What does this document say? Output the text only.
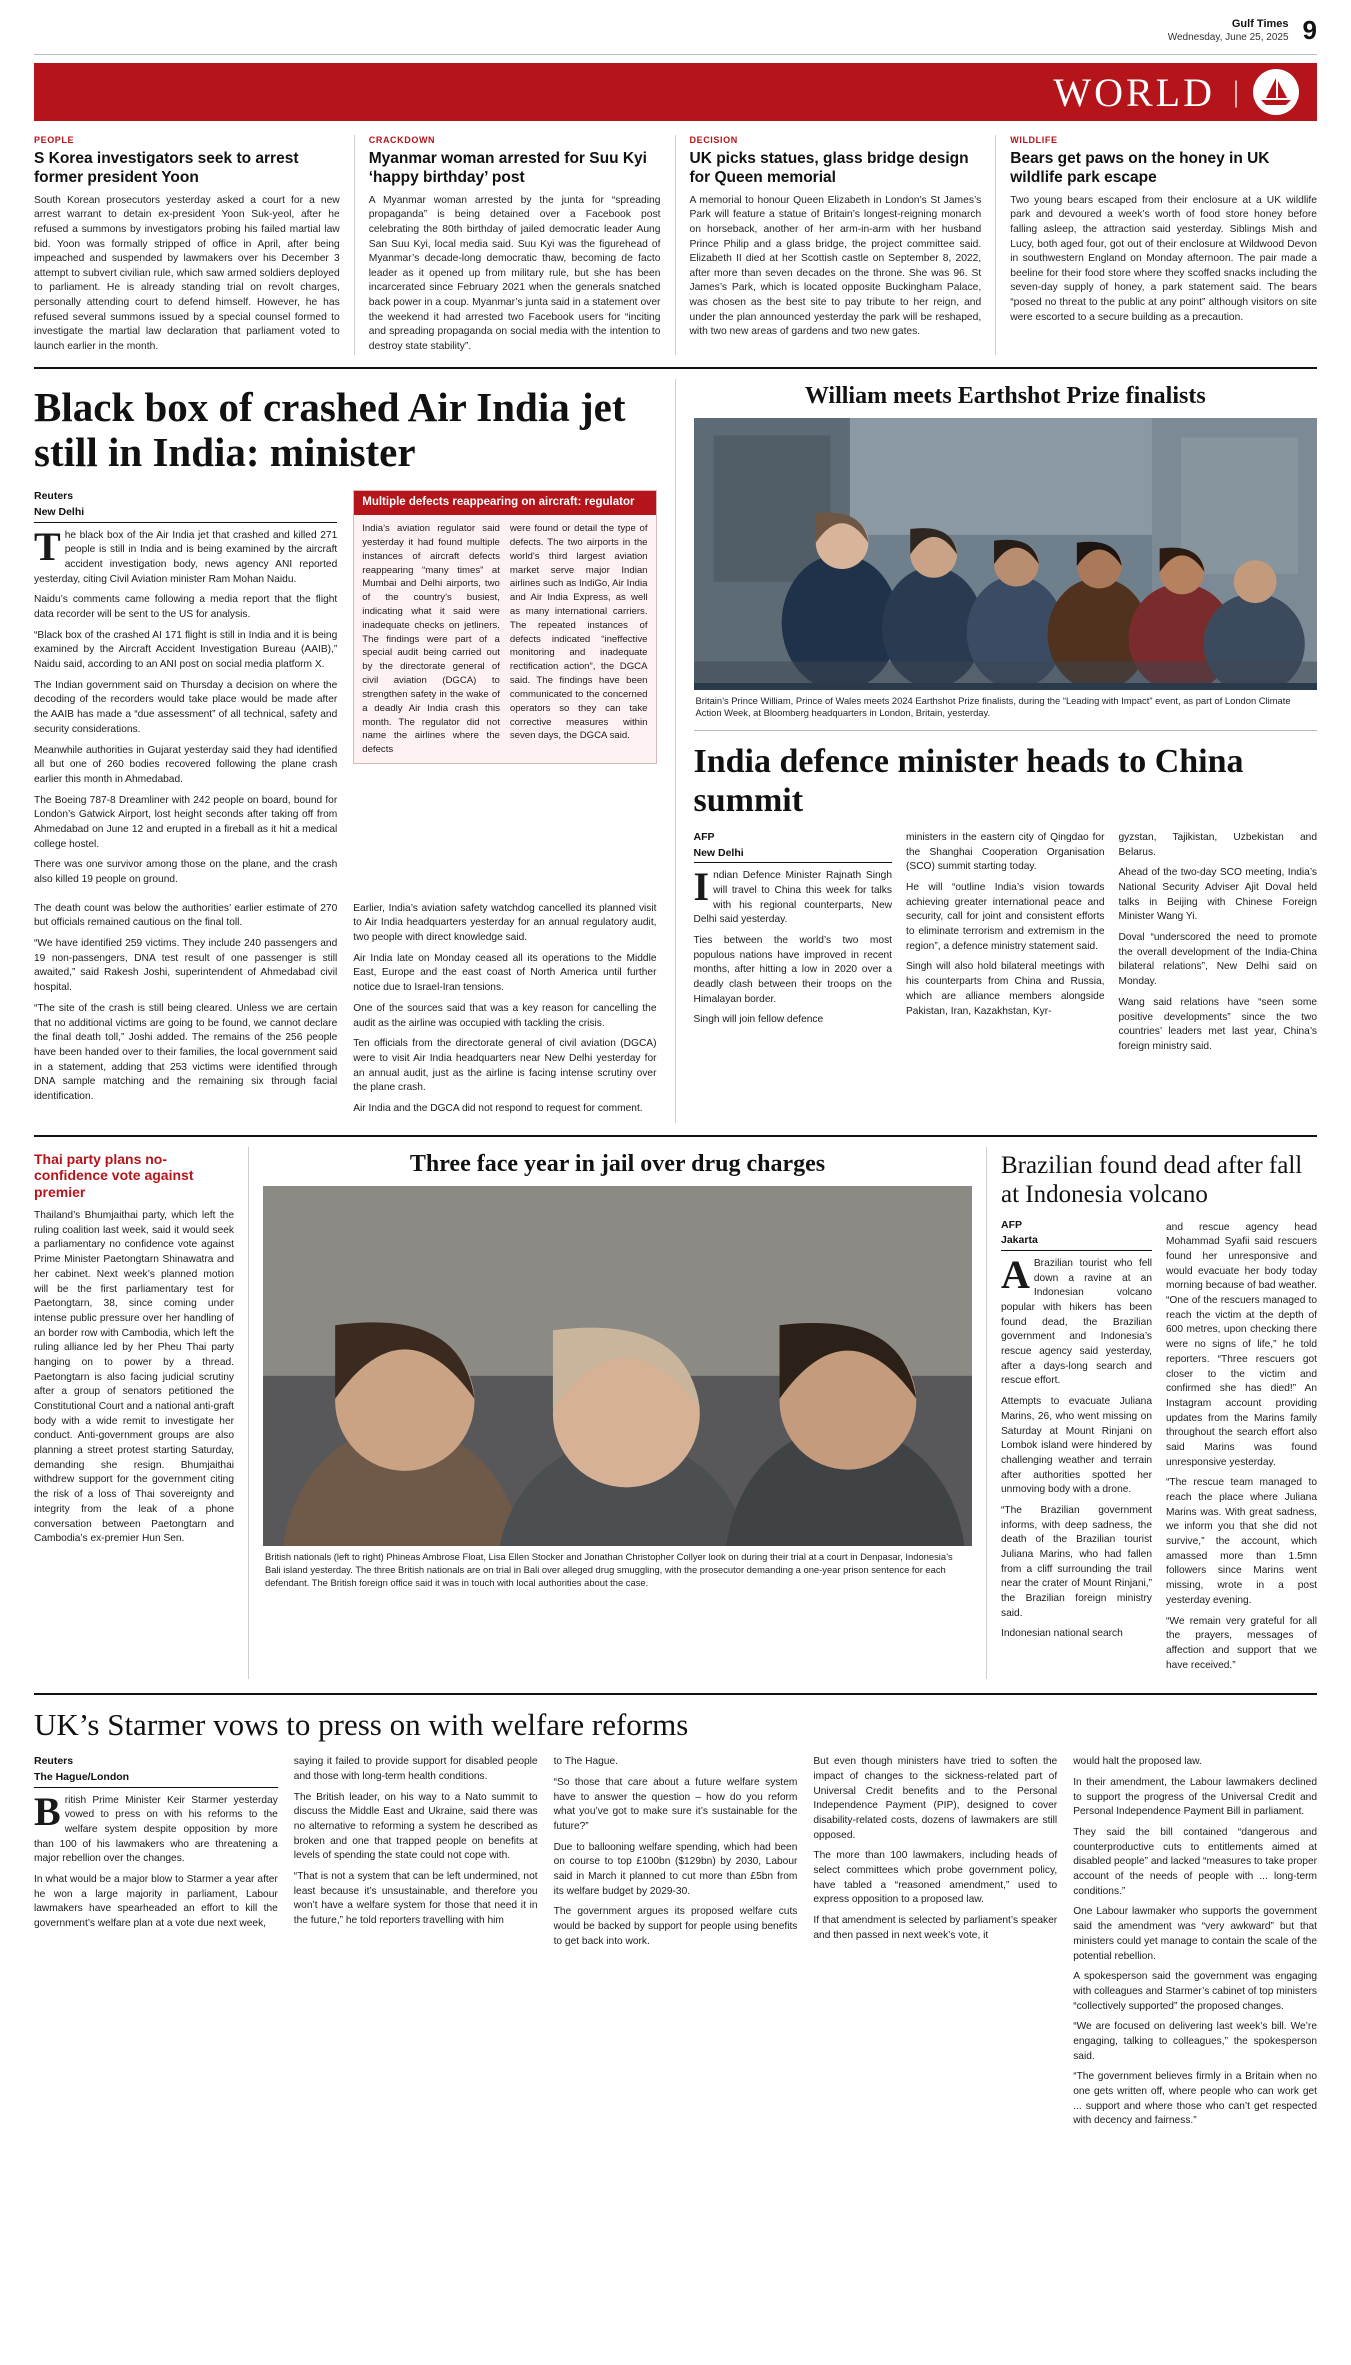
Gulf Times
Wednesday, June 25, 2025 9
WORLD |
PEOPLE
S Korea investigators seek to arrest former president Yoon

South Korean prosecutors yesterday asked a court for a new arrest warrant to detain ex-president Yoon Suk-yeol, after he refused a summons by investigators probing his failed martial law bid. Yoon was formally stripped of office in April, after being impeached and suspended by lawmakers over his December 3 attempt to subvert civilian rule, which saw armed soldiers deployed to parliament. He is already standing trial on revolt charges, personally attending court to defend himself. However, he has refused several summons issued by a special counsel formed to investigate the martial law declaration that parliament voted to launch earlier in the month.

CRACKDOWN
Myanmar woman arrested for Suu Kyi ‘happy birthday’ post

A Myanmar woman arrested by the junta for “spreading propaganda” is being detained over a Facebook post celebrating the 80th birthday of jailed democratic leader Aung San Suu Kyi, local media said. Suu Kyi was the figurehead of Myanmar’s decade-long democratic thaw, becoming de facto leader as it opened up from military rule, but she has been incarcerated since February 2021 when the generals snatched back power in a coup. Myanmar’s junta said in a statement over the weekend it had arrested two Facebook users for “inciting and spreading propaganda on social media with the intention to destroy state stability”.

DECISION
UK picks statues, glass bridge design for Queen memorial

A memorial to honour Queen Elizabeth in London’s St James’s Park will feature a statue of Britain’s longest-reigning monarch on horseback, another of her arm-in-arm with her husband Prince Philip and a glass bridge, the project committee said. Elizabeth II died at her Scottish castle on September 8, 2022, after more than seven decades on the throne. She was 96. St James’s Park, which is located opposite Buckingham Palace, was chosen as the best site to pay tribute to her reign, and under the plan announced yesterday the park will be reshaped, with two new areas of gardens and two new gates.

WILDLIFE
Bears get paws on the honey in UK wildlife park escape

Two young bears escaped from their enclosure at a UK wildlife park and devoured a week’s worth of food store honey before falling asleep, the attraction said yesterday. Siblings Mish and Lucy, both aged four, got out of their enclosure at Wildwood Devon in southwestern England on Monday afternoon. The pair made a beeline for their food store where they scoffed snacks including the seven-day supply of honey, a park statement said. The bears “posed no threat to the public at any point” although visitors on site were escorted to a secure building as a precaution.

Black box of crashed Air India jet still in India: minister
Reuters
New Delhi

The black box of the Air India jet that crashed and killed 271 people is still in India and is being examined by the aircraft accident investigation body, news agency ANI reported yesterday, citing Civil Aviation minister Ram Mohan Naidu.

Naidu’s comments came following a media report that the flight data recorder will be sent to the US for analysis.

“Black box of the crashed AI 171 flight is still in India and it is being examined by the Aircraft Accident Investigation Bureau (AAIB),” Naidu said, according to an ANI post on social media platform X.

The Indian government said on Thursday a decision on where the decoding of the recorders would take place would be made after the AAIB has made a “due assessment” of all technical, safety and security considerations.

Meanwhile authorities in Gujarat yesterday said they had identified all but one of 260 bodies recovered following the plane crash earlier this month in Ahmedabad.

The Boeing 787-8 Dreamliner with 242 people on board, bound for London’s Gatwick Airport, lost height seconds after taking off from Ahmedabad on June 12 and erupted in a fireball as it hit a medical college hostel.

There was one survivor among those on the plane, and the crash also killed 19 people on ground.

Multiple defects reappearing on aircraft: regulator
India’s aviation regulator said yesterday it had found multiple instances of aircraft defects reappearing “many times” at Mumbai and Delhi airports, two of the country’s busiest, indicating what it said were inadequate checks on jetliners. The findings were part of a special audit being carried out by the directorate general of civil aviation (DGCA) to strengthen safety in the wake of a deadly Air India crash this month. The regulator did not name the airlines where the defects
were found or detail the type of defects. The two airports in the world’s third largest aviation market serve major Indian airlines such as IndiGo, Air India and Air India Express, as well as many international carriers. The repeated instances of defects indicated “ineffective monitoring and inadequate rectification action”, the DGCA said. The findings have been communicated to the concerned operators so they can take corrective measures within seven days, the DGCA said.

The death count was below the authorities’ earlier estimate of 270 but officials remained cautious on the final toll.

“We have identified 259 victims. They include 240 passengers and 19 non-passengers, DNA test result of one passenger is still awaited,” said Rakesh Joshi, superintendent of Ahmedabad civil hospital.

“The site of the crash is still being cleared. Unless we are certain that no additional victims are going to be found, we cannot declare the final death toll,” Joshi added. The remains of the 256 people have been handed over to their families, the local government said in a statement, adding that 253 victims were identified through DNA sample matching and the remaining six through facial identification.

Earlier, India’s aviation safety watchdog cancelled its planned visit to Air India headquarters yesterday for an annual regulatory audit, two people with direct knowledge said.

Air India late on Monday ceased all its operations to the Middle East, Europe and the east coast of North America until further notice due to Israel-Iran tensions.

One of the sources said that was a key reason for cancelling the audit as the airline was occupied with tackling the crisis.

Ten officials from the directorate general of civil aviation (DGCA) were to visit Air India headquarters near New Delhi yesterday for an annual audit, just as the airline is facing intense scrutiny over the plane crash.

Air India and the DGCA did not respond to request for comment.

William meets Earthshot Prize finalists
Britain’s Prince William, Prince of Wales meets 2024 Earthshot Prize finalists, during the “Leading with Impact” event, as part of London Climate Action Week, at Bloomberg headquarters in London, Britain, yesterday.
India defence minister heads to China summit
AFP
New Delhi

Indian Defence Minister Rajnath Singh will travel to China this week for talks with his regional counterparts, New Delhi said yesterday.

Ties between the world’s two most populous nations have improved in recent months, after hitting a low in 2020 over a deadly clash between their troops on the Himalayan border.

Singh will join fellow defence

ministers in the eastern city of Qingdao for the Shanghai Cooperation Organisation (SCO) summit starting today.

He will “outline India’s vision towards achieving greater international peace and security, call for joint and consistent efforts to eliminate terrorism and extremism in the region”, a defence ministry statement said.

Singh will also hold bilateral meetings with his counterparts from China and Russia, which are alliance members alongside Pakistan, Iran, Kazakhstan, Kyr-

gyzstan, Tajikistan, Uzbekistan and Belarus.

Ahead of the two-day SCO meeting, India’s National Security Adviser Ajit Doval held talks in Beijing with Chinese Foreign Minister Wang Yi.

Doval “underscored the need to promote the overall development of the India-China bilateral relations”, New Delhi said on Monday.

Wang said relations have “seen some positive developments” since the two countries’ leaders met last year, China’s foreign ministry said.

Thai party plans no-confidence vote against premier
Thailand’s Bhumjaithai party, which left the ruling coalition last week, said it would seek a parliamentary no confidence vote against Prime Minister Paetongtarn Shinawatra and her cabinet. Next week’s planned motion will be the first parliamentary test for Paetongtarn, 38, since coming under intense public pressure over her handling of an border row with Cambodia, which left the ruling alliance led by her Pheu Thai party hanging on to power by a thread. Paetongtarn is also facing judicial scrutiny after a group of senators petitioned the Constitutional Court and a national anti-graft body with a wide remit to investigate her conduct. Anti-government groups are also planning a street protest starting Saturday, demanding she resign. Bhumjaithai withdrew support for the government citing the risk of a loss of Thai sovereignty and integrity from the leak of a phone conversation between Paetongtarn and Cambodia’s ex-premier Hun Sen.
Three face year in jail over drug charges
British nationals (left to right) Phineas Ambrose Float, Lisa Ellen Stocker and Jonathan Christopher Collyer look on during their trial at a court in Denpasar, Indonesia’s Bali island yesterday. The three British nationals are on trial in Bali over alleged drug smuggling, with the prosecutor demanding a one-year prison sentence for each defendant. The British foreign office said it was in touch with local authorities about the case.
Brazilian found dead after fall at Indonesia volcano
AFP
Jakarta

ABrazilian tourist who fell down a ravine at an Indonesian volcano popular with hikers has been found dead, the Brazilian government and Indonesia’s rescue agency said yesterday, after a days-long search and rescue effort.

Attempts to evacuate Juliana Marins, 26, who went missing on Saturday at Mount Rinjani on Lombok island were hindered by challenging weather and terrain after authorities spotted her unmoving body with a drone.

“The Brazilian government informs, with deep sadness, the death of the Brazilian tourist Juliana Marins, who had fallen from a cliff surrounding the trail near the crater of Mount Rinjani,” the Brazilian foreign ministry said.

Indonesian national search

and rescue agency head Mohammad Syafii said rescuers found her unresponsive and would evacuate her body today morning because of bad weather. “One of the rescuers managed to reach the victim at the depth of 600 metres, upon checking there were no signs of life,” he told reporters. “Three rescuers got closer to the victim and confirmed she has died!” An Instagram account providing updates from the Marins family throughout the search effort also said Marins was found unresponsive yesterday.

“The rescue team managed to reach the place where Juliana Marins was. With great sadness, we inform you that she did not survive,” the account, which amassed more than 1.5mn followers since Marins went missing, wrote in a post yesterday evening.

“We remain very grateful for all the prayers, messages of affection and support that we have received.”

UK’s Starmer vows to press on with welfare reforms
Reuters
The Hague/London

British Prime Minister Keir Starmer yesterday vowed to press on with his reforms to the welfare system despite opposition by more than 100 of his lawmakers who are threatening a major rebellion over the changes.

In what would be a major blow to Starmer a year after he won a large majority in parliament, Labour lawmakers have spearheaded an effort to kill the government’s welfare plan at a vote due next week,

saying it failed to provide support for disabled people and those with long-term health conditions.

The British leader, on his way to a Nato summit to discuss the Middle East and Ukraine, said there was no alternative to reforming a system he described as broken and one that trapped people on benefits at levels of spending the state could not cope with.

“That is not a system that can be left undermined, not least because it’s unsustainable, and therefore you won’t have a welfare system for those that need it in the future,” he told reporters travelling with him

to The Hague.

“So those that care about a future welfare system have to answer the question – how do you reform what you’ve got to make sure it’s sustainable for the future?”

Due to ballooning welfare spending, which had been on course to top £100bn ($129bn) by 2030, Labour said in March it planned to cut more than £5bn from its welfare budget by 2029-30.

The government argues its proposed welfare cuts would be backed by support for people using benefits to get back into work.

But even though ministers have tried to soften the impact of changes to the sickness-related part of Universal Credit benefits and to the Personal Independence Payment (PIP), designed to cover disability-related costs, dozens of lawmakers are still opposed.

The more than 100 lawmakers, including heads of select committees which probe government policy, have tabled a “reasoned amendment,” used to express opposition to a proposed law.

If that amendment is selected by parliament’s speaker and then passed in next week’s vote, it

would halt the proposed law.

In their amendment, the Labour lawmakers declined to support the progress of the Universal Credit and Personal Independence Payment Bill in parliament.

They said the bill contained “dangerous and counterproductive cuts to entitlements aimed at disabled people” and lacked “measures to take proper account of the needs of people with ... long-term conditions.”

One Labour lawmaker who supports the government said the amendment was “very awkward” but that ministers could yet manage to contain the scale of the potential rebellion.

A spokesperson said the government was engaging with colleagues and Starmer’s cabinet of top ministers “collectively supported” the proposed changes.

“We are focused on delivering last week’s bill. We’re engaging, talking to colleagues,” the spokesperson said.

“The government believes firmly in a Britain when no one gets written off, where people who can work get ... support and where those who can’t get respected with decency and fairness.”
